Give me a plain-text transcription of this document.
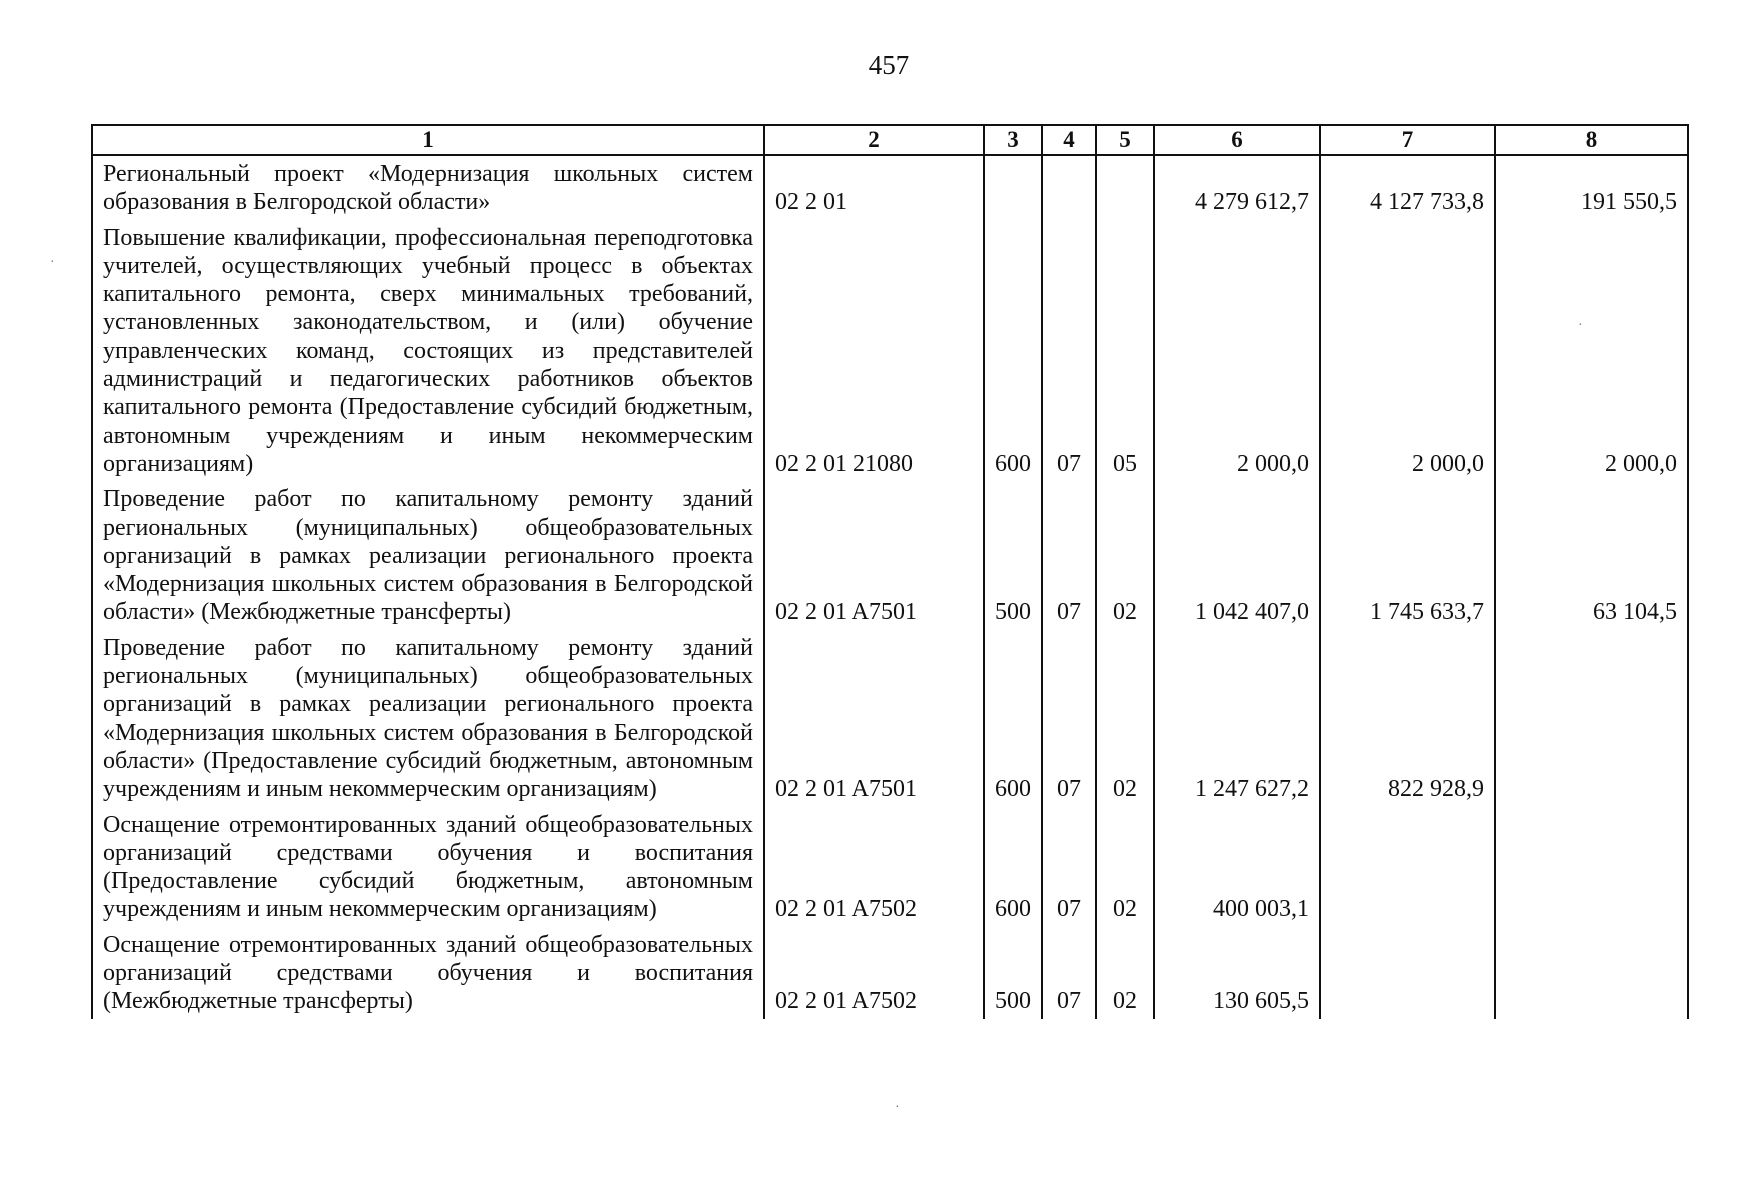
457
·
·
·
1	2	3	4	5	6	7	8
Региональный проект «Модернизация школьных систем образования в Белгородской области»	02 2 01				4 279 612,7	4 127 733,8	191 550,5
Повышение квалификации, профессиональная переподготовка учителей, осуществляющих учебный процесс в объектах капитального ремонта, сверх минимальных требований, установленных законодательством, и (или) обучение управленческих команд, состоящих из представителей администраций и педагогических работников объектов капитального ремонта (Предоставление субсидий бюджетным, автономным учреждениям и иным некоммерческим организациям)	02 2 01 21080	600	07	05	2 000,0	2 000,0	2 000,0
Проведение работ по капитальному ремонту зданий региональных (муниципальных) общеобразовательных организаций в рамках реализации регионального проекта «Модернизация школьных систем образования в Белгородской области» (Межбюджетные трансферты)	02 2 01 A7501	500	07	02	1 042 407,0	1 745 633,7	63 104,5
Проведение работ по капитальному ремонту зданий региональных (муниципальных) общеобразовательных организаций в рамках реализации регионального проекта «Модернизация школьных систем образования в Белгородской области» (Предоставление субсидий бюджетным, автономным учреждениям и иным некоммерческим организациям)	02 2 01 A7501	600	07	02	1 247 627,2	822 928,9	
Оснащение отремонтированных зданий общеобразовательных организаций средствами обучения и воспитания (Предоставление субсидий бюджетным, автономным учреждениям и иным некоммерческим организациям)	02 2 01 A7502	600	07	02	400 003,1		
Оснащение отремонтированных зданий общеобразовательных организаций средствами обучения и воспитания (Межбюджетные трансферты)	02 2 01 A7502	500	07	02	130 605,5		
